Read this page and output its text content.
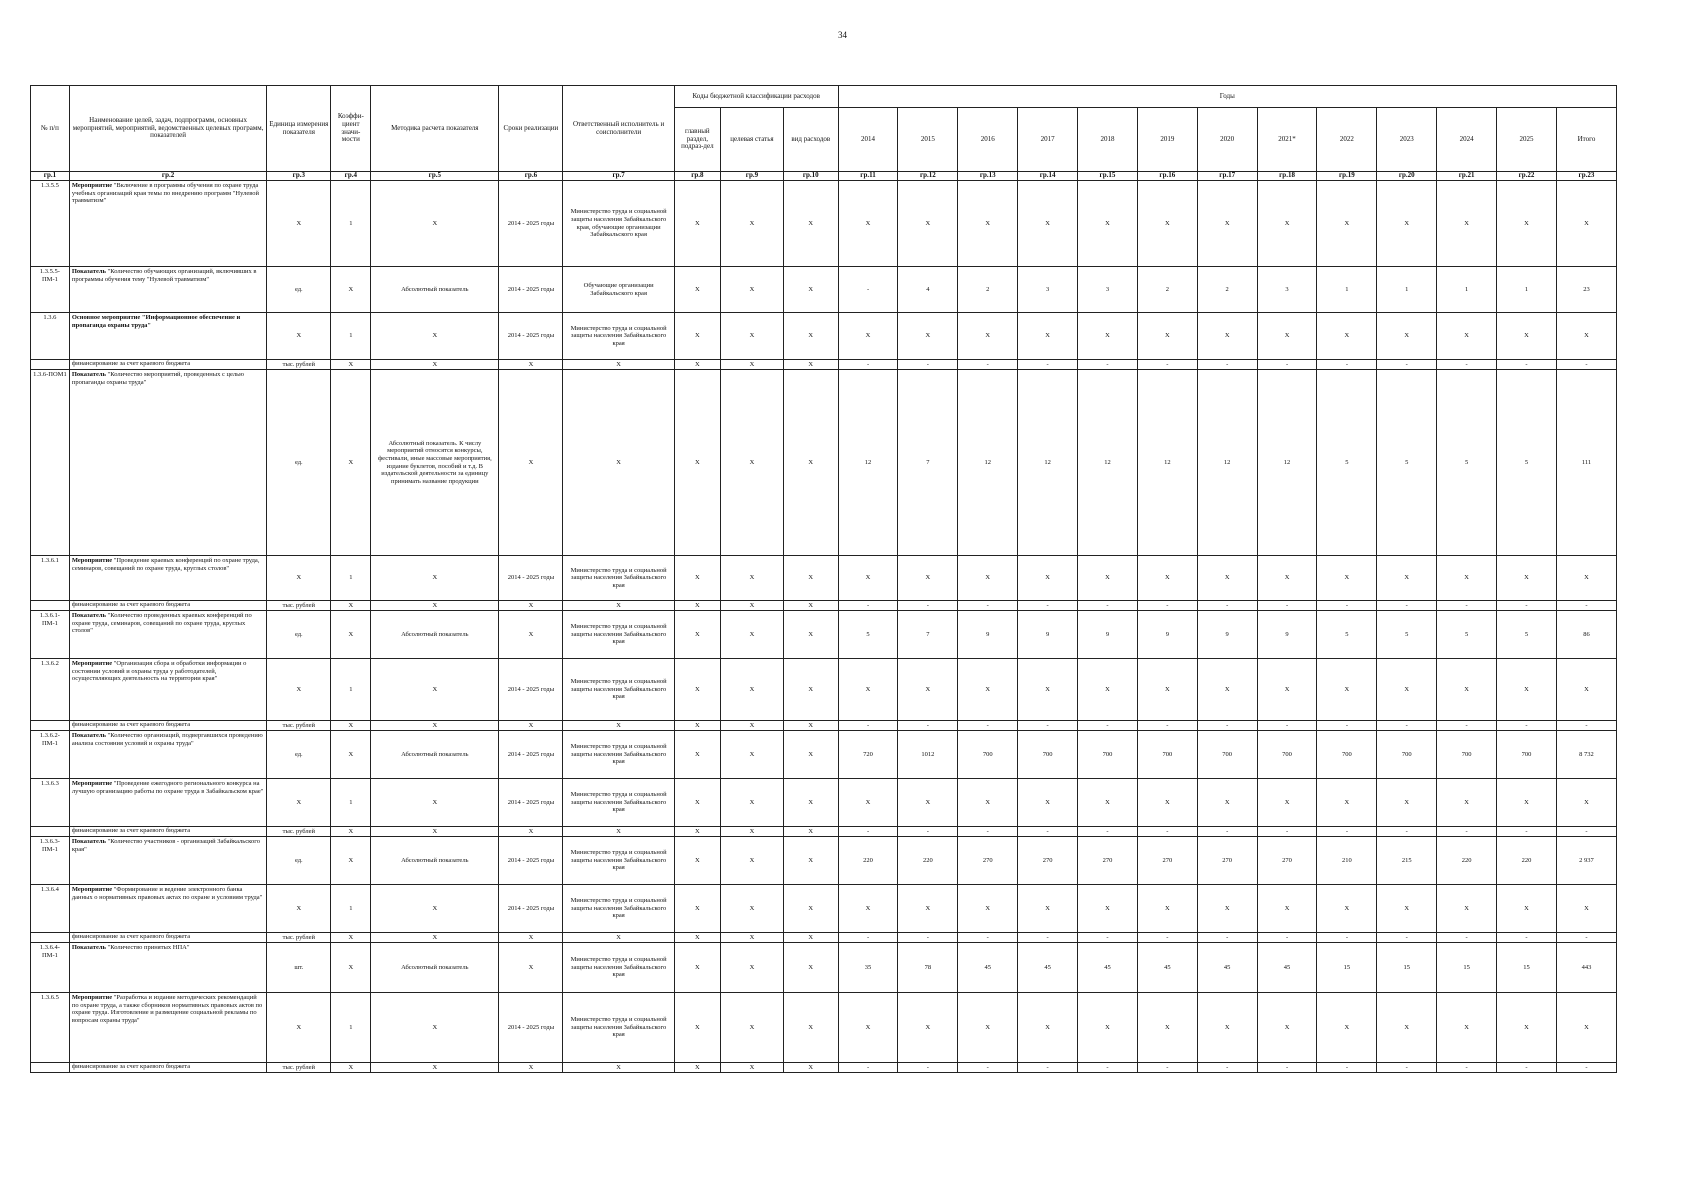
34
№ п/п	Наименование целей, задач, подпрограмм, основных мероприятий, мероприятий, ведомственных целевых программ, показателей	Единица измерения показателя	Коэффи-циент значи-мости	Методика расчета показателя	Сроки реализации	Ответственный исполнитель и соисполнители	Коды бюджетной классификации расходов			Годы												
							главный раздел, подраз-дел	целевая статья	вид расходов	2014	2015	2016	2017	2018	2019	2020	2021*	2022	2023	2024	2025	Итого
гр.1	гр.2	гр.3	гр.4	гр.5	гр.6	гр.7	гр.8	гр.9	гр.10	гр.11	гр.12	гр.13	гр.14	гр.15	гр.16	гр.17	гр.18	гр.19	гр.20	гр.21	гр.22	гр.23
1.3.5.5	Мероприятие "Включение в программы обучения по охране труда учебных организаций края темы по внедрению программ "Нулевой травматизм"	X	1	X	2014 - 2025 годы	Министерство труда и социальной защиты населения Забайкальского края, обучающие организации Забайкальского края	X	X	X	X	X	X	X	X	X	X	X	X	X	X	X	X
1.3.5.5-ПМ-1	Показатель "Количество обучающих организаций, включивших в программы обучения тему "Нулевой травматизм"	ед.	X	Абсолютный показатель	2014 - 2025 годы	Обучающие организации Забайкальского края	X	X	X	-	4	2	3	3	2	2	3	1	1	1	1	23
1.3.6	Основное мероприятие "Информационное обеспечение и пропаганда охраны труда"	X	1	X	2014 - 2025 годы	Министерство труда и социальной защиты населения Забайкальского края	X	X	X	X	X	X	X	X	X	X	X	X	X	X	X	X
	финансирование за счет краевого бюджета	тыс. рублей	X	X	X	X	X	X	X	-	-	-	-	-	-	-	-	-	-	-	-	-
1.3.6-ПОМ1	Показатель "Количество мероприятий, проведенных с целью пропаганды охраны труда"	ед.	X	Абсолютный показатель. К числу мероприятий относятся конкурсы, фестивали, иные массовые мероприятия, издание буклетов, пособий и т.д. В издательской деятельности за единицу принимать название продукции	X	X	X	X	X	12	7	12	12	12	12	12	12	5	5	5	5	111
1.3.6.1	Мероприятие "Проведение краевых конференций по охране труда, семинаров, совещаний по охране труда, круглых столов"	X	1	X	2014 - 2025 годы	Министерство труда и социальной защиты населения Забайкальского края	X	X	X	X	X	X	X	X	X	X	X	X	X	X	X	X
	финансирование за счет краевого бюджета	тыс. рублей	X	X	X	X	X	X	X	-	-	-	-	-	-	-	-	-	-	-	-	-
1.3.6.1-ПМ-1	Показатель "Количество проведенных краевых конференций по охране труда, семинаров, совещаний по охране труда, круглых столов"	ед.	X	Абсолютный показатель	X	Министерство труда и социальной защиты населения Забайкальского края	X	X	X	5	7	9	9	9	9	9	9	5	5	5	5	86
1.3.6.2	Мероприятие "Организация сбора и обработки информации о состоянии условий и охраны труда у работодателей, осуществляющих деятельность на территории края"	X	1	X	2014 - 2025 годы	Министерство труда и социальной защиты населения Забайкальского края	X	X	X	X	X	X	X	X	X	X	X	X	X	X	X	X
	финансирование за счет краевого бюджета	тыс. рублей	X	X	X	X	X	X	X	-	-	-	-	-	-	-	-	-	-	-	-	-
1.3.6.2-ПМ-1	Показатель "Количество организаций, подвергавшихся проведению анализа состояния условий и охраны труда"	ед.	X	Абсолютный показатель	2014 - 2025 годы	Министерство труда и социальной защиты населения Забайкальского края	X	X	X	720	1012	700	700	700	700	700	700	700	700	700	700	8 732
1.3.6.3	Мероприятие "Проведение ежегодного регионального конкурса на лучшую организацию работы по охране труда в Забайкальском крае"	X	1	X	2014 - 2025 годы	Министерство труда и социальной защиты населения Забайкальского края	X	X	X	X	X	X	X	X	X	X	X	X	X	X	X	X
	финансирование за счет краевого бюджета	тыс. рублей	X	X	X	X	X	X	X	-	-	-	-	-	-	-	-	-	-	-	-	-
1.3.6.3-ПМ-1	Показатель "Количество участников - организаций Забайкальского края"	ед.	X	Абсолютный показатель	2014 - 2025 годы	Министерство труда и социальной защиты населения Забайкальского края	X	X	X	220	220	270	270	270	270	270	270	210	215	220	220	2 937
1.3.6.4	Мероприятие "Формирование и ведение электронного банка данных о нормативных правовых актах по охране и условиям труда"	X	1	X	2014 - 2025 годы	Министерство труда и социальной защиты населения Забайкальского края	X	X	X	X	X	X	X	X	X	X	X	X	X	X	X	X
	финансирование за счет краевого бюджета	тыс. рублей	X	X	X	X	X	X	X	-	-	-	-	-	-	-	-	-	-	-	-	-
1.3.6.4-ПМ-1	Показатель "Количество принятых НПА"	шт.	X	Абсолютный показатель	X	Министерство труда и социальной защиты населения Забайкальского края	X	X	X	35	78	45	45	45	45	45	45	15	15	15	15	443
1.3.6.5	Мероприятие "Разработка и издание методических рекомендаций по охране труда, а также сборников нормативных правовых актов по охране труда. Изготовление и размещение социальной рекламы по вопросам охраны труда"	X	1	X	2014 - 2025 годы	Министерство труда и социальной защиты населения Забайкальского края	X	X	X	X	X	X	X	X	X	X	X	X	X	X	X	X
	финансирование за счет краевого бюджета	тыс. рублей	X	X	X	X	X	X	X	-	-	-	-	-	-	-	-	-	-	-	-	-
